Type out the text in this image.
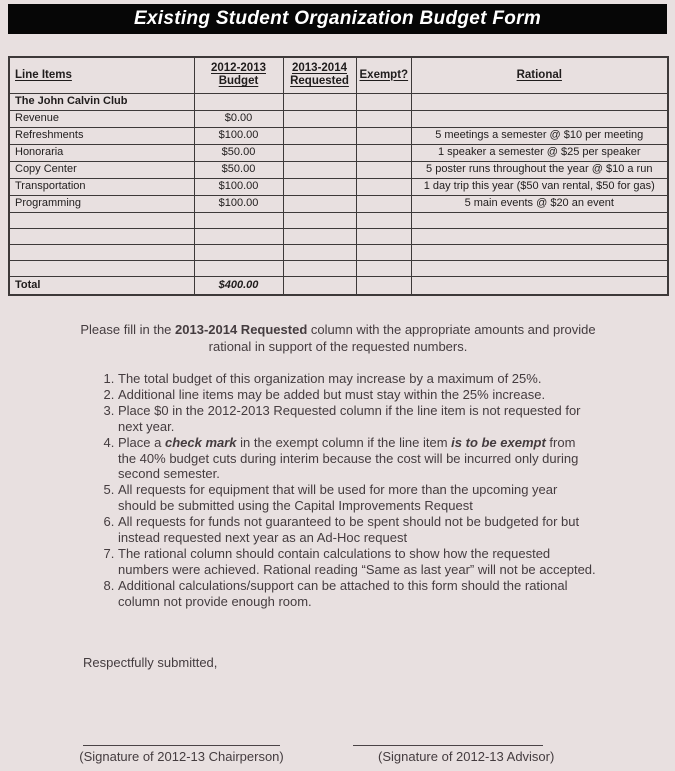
Existing Student Organization Budget Form
Line Items	2012-2013 Budget	2013-2014 Requested	Exempt?	Rational
The John Calvin Club				
Revenue	$0.00			
Refreshments	$100.00			5 meetings a semester @ $10 per meeting
Honoraria	$50.00			1 speaker a semester @ $25 per speaker
Copy Center	$50.00			5 poster runs throughout the year @ $10 a run
Transportation	$100.00			1 day trip this year ($50 van rental, $50 for gas)
Programming	$100.00			5 main events @ $20 an event

Total	$400.00			

Please fill in the 2013-2014 Requested column with the appropriate amounts and provide rational in support of the requested numbers.

1. The total budget of this organization may increase by a maximum of 25%.
2. Additional line items may be added but must stay within the 25% increase.
3. Place $0 in the 2012-2013 Requested column if the line item is not requested for next year.
4. Place a check mark in the exempt column if the line item is to be exempt from the 40% budget cuts during interim because the cost will be incurred only during second semester.
5. All requests for equipment that will be used for more than the upcoming year should be submitted using the Capital Improvements Request
6. All requests for funds not guaranteed to be spent should not be budgeted for but instead requested next year as an Ad-Hoc request
7. The rational column should contain calculations to show how the requested numbers were achieved. Rational reading “Same as last year” will not be accepted.
8. Additional calculations/support can be attached to this form should the rational column not provide enough room.

Respectfully submitted,

(Signature of 2012-13 Chairperson)	(Signature of 2012-13 Advisor)
